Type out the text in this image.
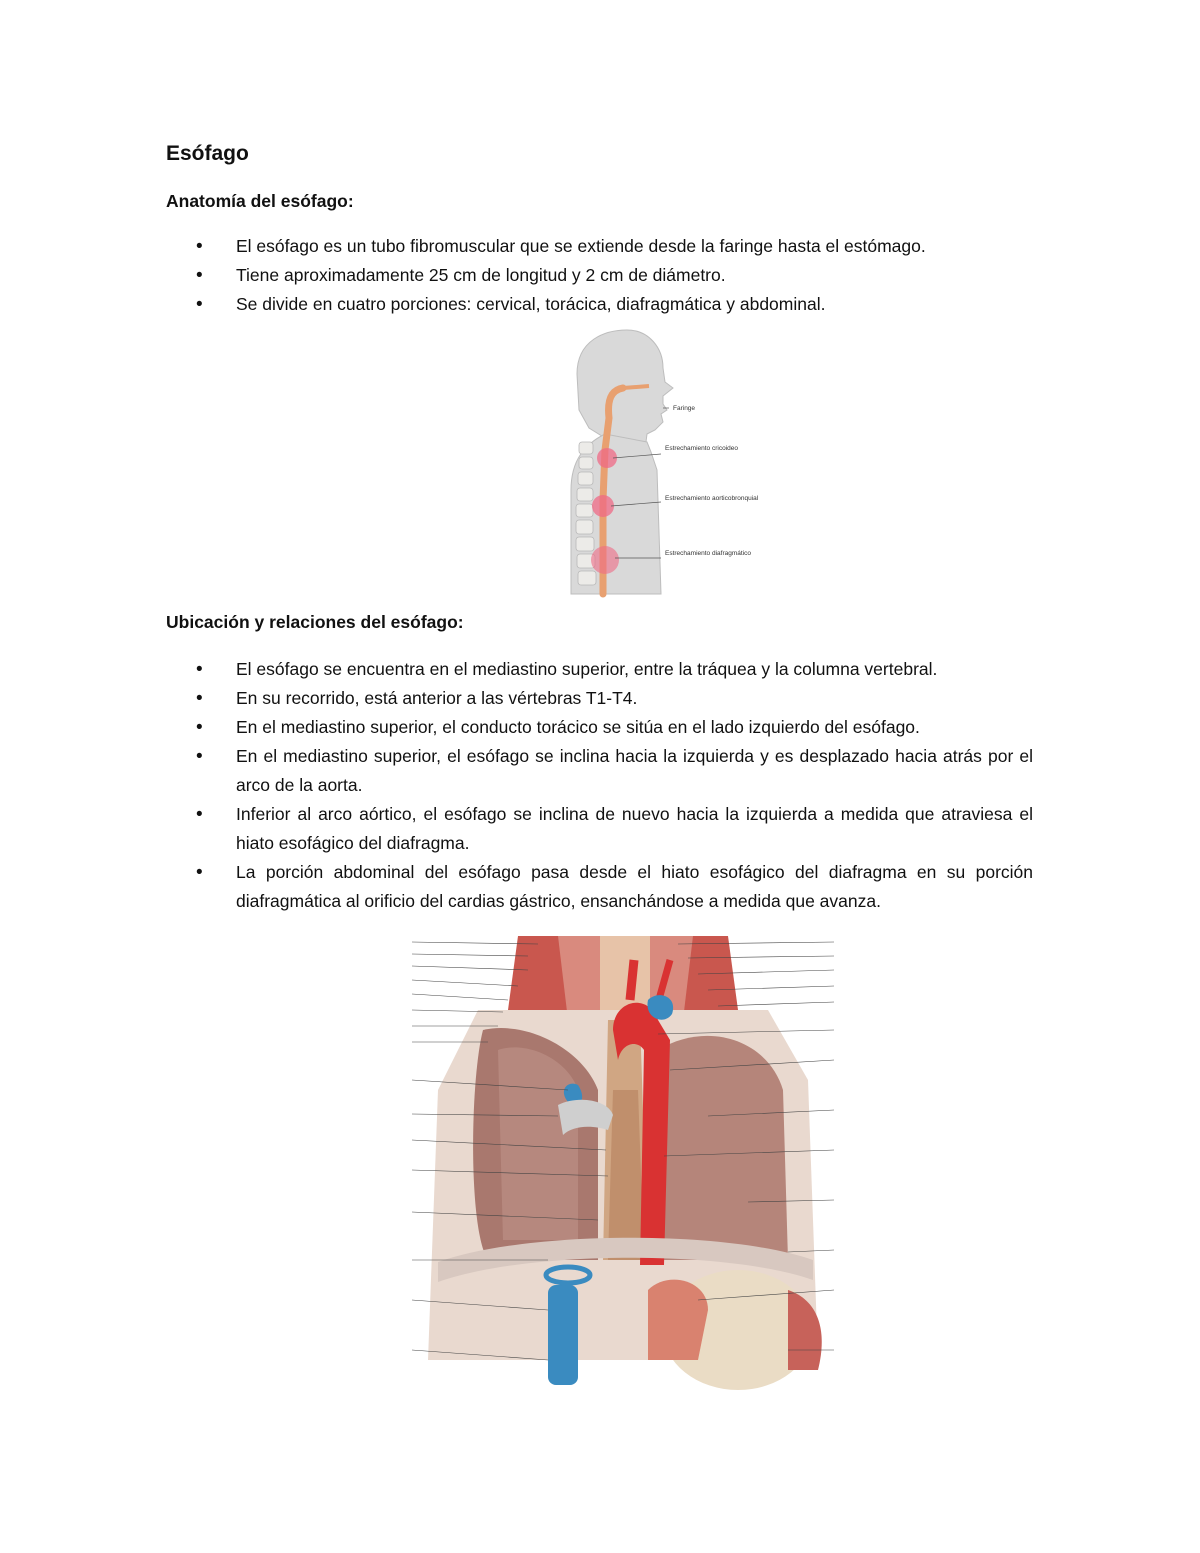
Esófago
Anatomía del esófago:
• El esófago es un tubo fibromuscular que se extiende desde la faringe hasta el estómago.
• Tiene aproximadamente 25 cm de longitud y 2 cm de diámetro.
• Se divide en cuatro porciones: cervical, torácica, diafragmática y abdominal.
Faringe
Estrechamiento cricoideo
Estrechamiento aorticobronquial
Estrechamiento diafragmático
Ubicación y relaciones del esófago:
• El esófago se encuentra en el mediastino superior, entre la tráquea y la columna vertebral.
• En su recorrido, está anterior a las vértebras T1-T4.
• En el mediastino superior, el conducto torácico se sitúa en el lado izquierdo del esófago.
• En el mediastino superior, el esófago se inclina hacia la izquierda y es desplazado hacia atrás por el arco de la aorta.
• Inferior al arco aórtico, el esófago se inclina de nuevo hacia la izquierda a medida que atraviesa el hiato esofágico del diafragma.
• La porción abdominal del esófago pasa desde el hiato esofágico del diafragma en su porción diafragmática al orificio del cardias gástrico, ensanchándose a medida que avanza.
